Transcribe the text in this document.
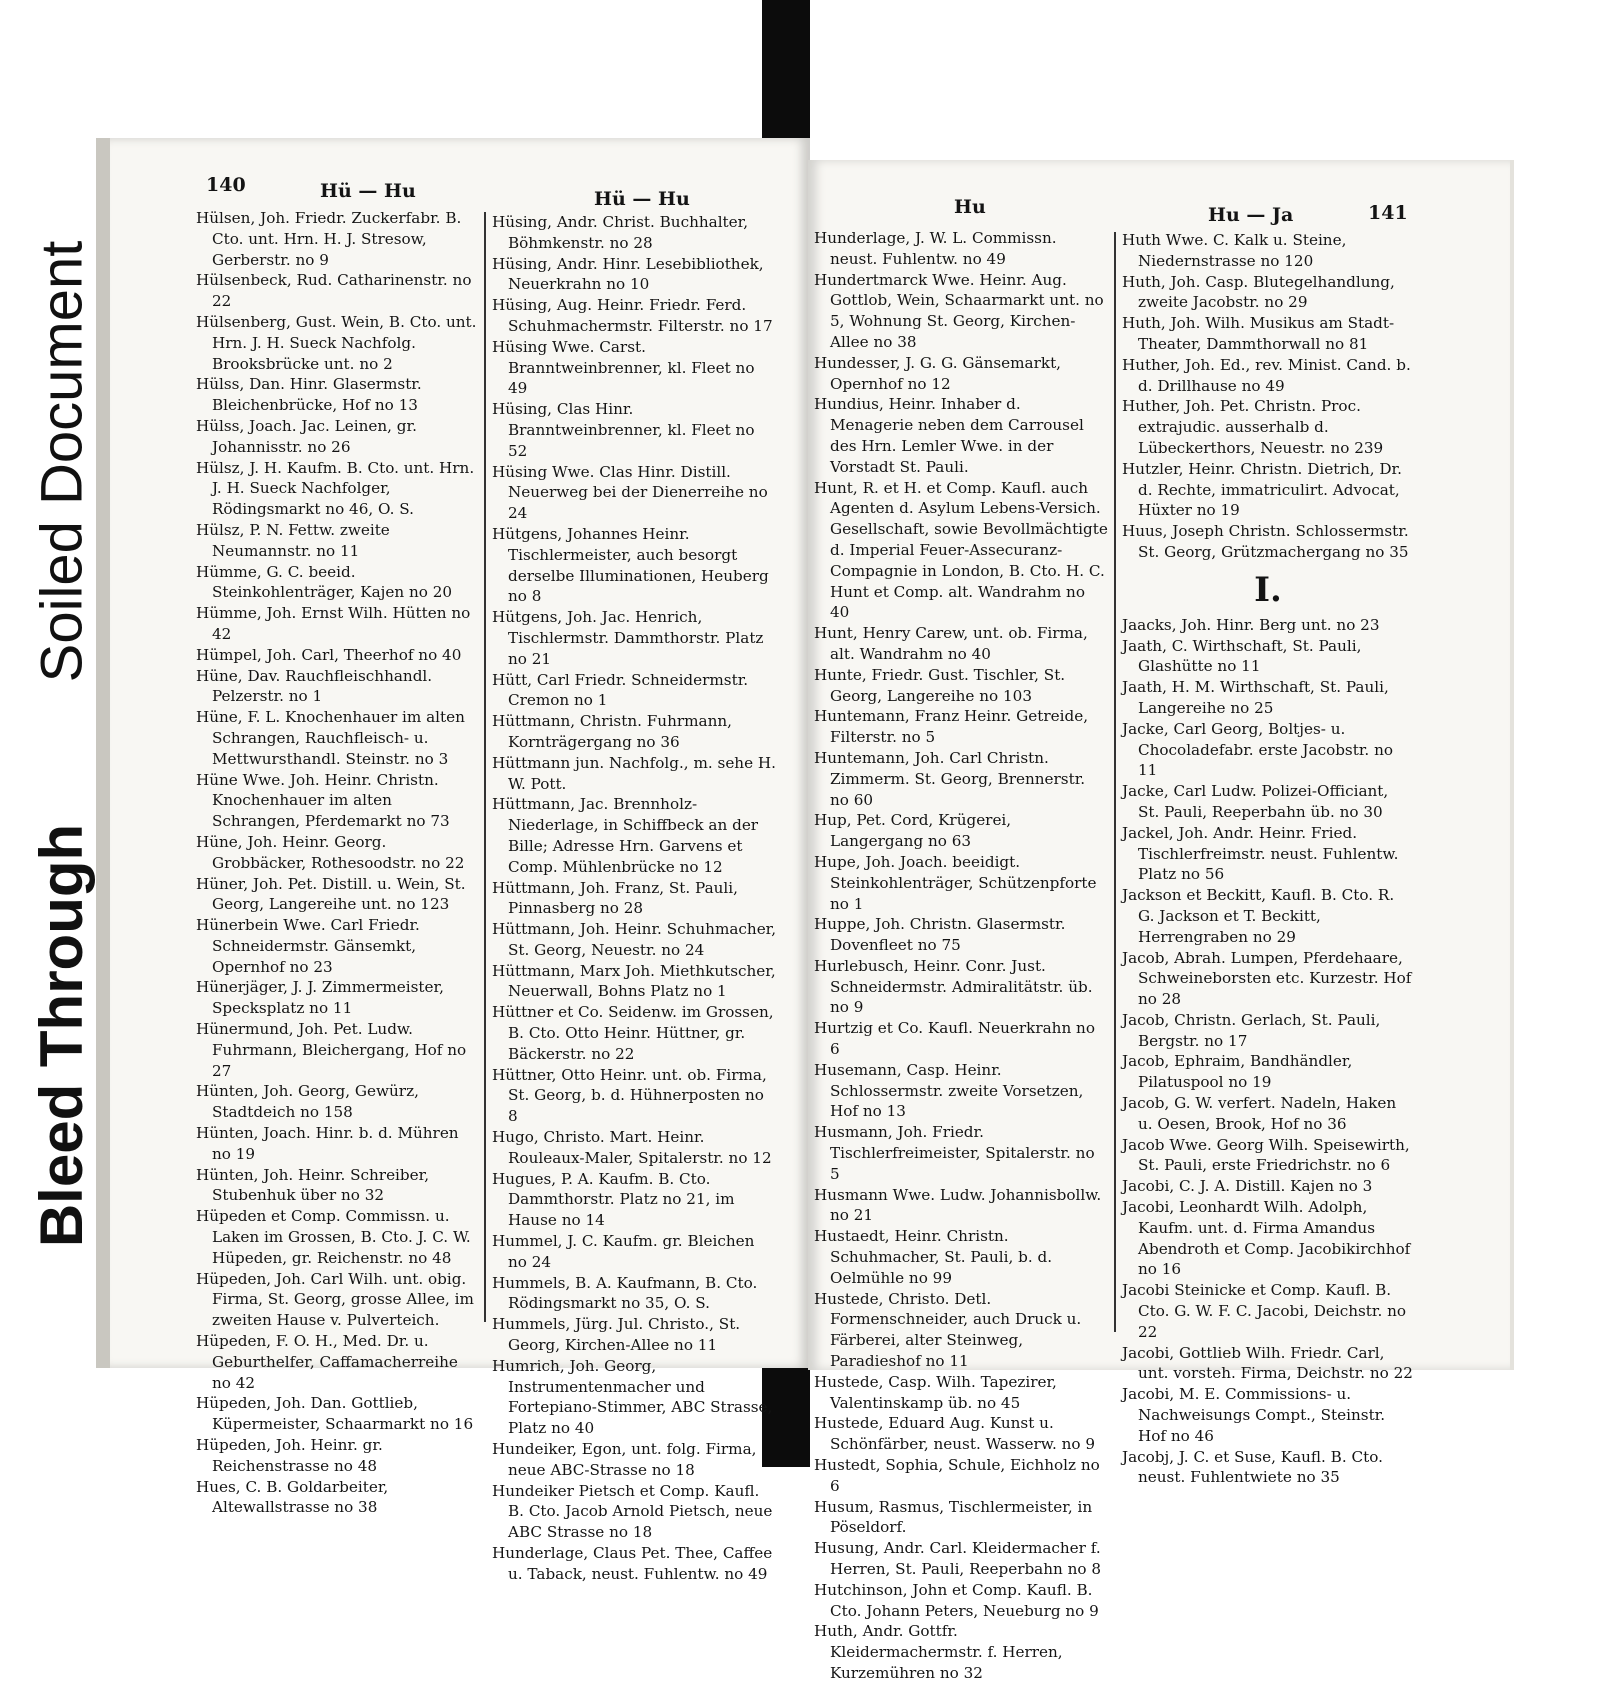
Soiled Document
Bleed Through
140	Hü — Hu	Hü — Hu

Hülsen, Joh. Friedr. Zuckerfabr. B. Cto. unt. Hrn. H. J. Stresow, Gerberstr. no 9

Hülsenbeck, Rud. Catharinenstr. no 22

Hülsenberg, Gust. Wein, B. Cto. unt. Hrn. J. H. Sueck Nachfolg. Brooksbrücke unt. no 2

Hülss, Dan. Hinr. Glasermstr. Bleichenbrücke, Hof no 13

Hülss, Joach. Jac. Leinen, gr. Johannisstr. no 26

Hülsz, J. H. Kaufm. B. Cto. unt. Hrn. J. H. Sueck Nachfolger, Rödingsmarkt no 46, O. S.

Hülsz, P. N. Fettw. zweite Neumannstr. no 11

Hümme, G. C. beeid. Steinkohlenträger, Kajen no 20

Hümme, Joh. Ernst Wilh. Hütten no 42

Hümpel, Joh. Carl, Theerhof no 40

Hüne, Dav. Rauchfleischhandl. Pelzerstr. no 1

Hüne, F. L. Knochenhauer im alten Schrangen, Rauchfleisch- u. Mettwursthandl. Steinstr. no 3

Hüne Wwe. Joh. Heinr. Christn. Knochenhauer im alten Schrangen, Pferdemarkt no 73

Hüne, Joh. Heinr. Georg. Grobbäcker, Rothesoodstr. no 22

Hüner, Joh. Pet. Distill. u. Wein, St. Georg, Langereihe unt. no 123

Hünerbein Wwe. Carl Friedr. Schneidermstr. Gänsemkt, Opernhof no 23

Hünerjäger, J. J. Zimmermeister, Specksplatz no 11

Hünermund, Joh. Pet. Ludw. Fuhrmann, Bleichergang, Hof no 27

Hünten, Joh. Georg, Gewürz, Stadtdeich no 158

Hünten, Joach. Hinr. b. d. Mühren no 19

Hünten, Joh. Heinr. Schreiber, Stubenhuk über no 32

Hüpeden et Comp. Commissn. u. Laken im Grossen, B. Cto. J. C. W. Hüpeden, gr. Reichenstr. no 48

Hüpeden, Joh. Carl Wilh. unt. obig. Firma, St. Georg, grosse Allee, im zweiten Hause v. Pulverteich.

Hüpeden, F. O. H., Med. Dr. u. Geburthelfer, Caffamacherreihe no 42

Hüpeden, Joh. Dan. Gottlieb, Küpermeister, Schaarmarkt no 16

Hüpeden, Joh. Heinr. gr. Reichenstrasse no 48

Hues, C. B. Goldarbeiter, Altewallstrasse no 38

Hüsing, Andr. Christ. Buchhalter, Böhmkenstr. no 28

Hüsing, Andr. Hinr. Lesebibliothek, Neuerkrahn no 10

Hüsing, Aug. Heinr. Friedr. Ferd. Schuhmachermstr. Filterstr. no 17

Hüsing Wwe. Carst. Branntweinbrenner, kl. Fleet no 49

Hüsing, Clas Hinr. Branntweinbrenner, kl. Fleet no 52

Hüsing Wwe. Clas Hinr. Distill. Neuerweg bei der Dienerreihe no 24

Hütgens, Johannes Heinr. Tischlermeister, auch besorgt derselbe Illuminationen, Heuberg no 8

Hütgens, Joh. Jac. Henrich, Tischlermstr. Dammthorstr. Platz no 21

Hütt, Carl Friedr. Schneidermstr. Cremon no 1

Hüttmann, Christn. Fuhrmann, Kornträgergang no 36

Hüttmann jun. Nachfolg., m. sehe H. W. Pott.

Hüttmann, Jac. Brennholz-Niederlage, in Schiffbeck an der Bille; Adresse Hrn. Garvens et Comp. Mühlenbrücke no 12

Hüttmann, Joh. Franz, St. Pauli, Pinnasberg no 28

Hüttmann, Joh. Heinr. Schuhmacher, St. Georg, Neuestr. no 24

Hüttmann, Marx Joh. Miethkutscher, Neuerwall, Bohns Platz no 1

Hüttner et Co. Seidenw. im Grossen, B. Cto. Otto Heinr. Hüttner, gr. Bäckerstr. no 22

Hüttner, Otto Heinr. unt. ob. Firma, St. Georg, b. d. Hühnerposten no 8

Hugo, Christo. Mart. Heinr. Rouleaux-Maler, Spitalerstr. no 12

Hugues, P. A. Kaufm. B. Cto. Dammthorstr. Platz no 21, im Hause no 14

Hummel, J. C. Kaufm. gr. Bleichen no 24

Hummels, B. A. Kaufmann, B. Cto. Rödingsmarkt no 35, O. S.

Hummels, Jürg. Jul. Christo., St. Georg, Kirchen-Allee no 11

Humrich, Joh. Georg, Instrumentenmacher und Fortepiano-Stimmer, ABC Strasse, Platz no 40

Hundeiker, Egon, unt. folg. Firma, neue ABC-Strasse no 18

Hundeiker Pietsch et Comp. Kaufl. B. Cto. Jacob Arnold Pietsch, neue ABC Strasse no 18

Hunderlage, Claus Pet. Thee, Caffee u. Taback, neust. Fuhlentw. no 49

Hu	Hu — Ja	141

Hunderlage, J. W. L. Commissn. neust. Fuhlentw. no 49

Hundertmarck Wwe. Heinr. Aug. Gottlob, Wein, Schaarmarkt unt. no 5, Wohnung St. Georg, Kirchen-Allee no 38

Hundesser, J. G. G. Gänsemarkt, Opernhof no 12

Hundius, Heinr. Inhaber d. Menagerie neben dem Carrousel des Hrn. Lemler Wwe. in der Vorstadt St. Pauli.

Hunt, R. et H. et Comp. Kaufl. auch Agenten d. Asylum Lebens-Versich. Gesellschaft, sowie Bevollmächtigte d. Imperial Feuer-Assecuranz-Compagnie in London, B. Cto. H. C. Hunt et Comp. alt. Wandrahm no 40

Hunt, Henry Carew, unt. ob. Firma, alt. Wandrahm no 40

Hunte, Friedr. Gust. Tischler, St. Georg, Langereihe no 103

Huntemann, Franz Heinr. Getreide, Filterstr. no 5

Huntemann, Joh. Carl Christn. Zimmerm. St. Georg, Brennerstr. no 60

Hup, Pet. Cord, Krügerei, Langergang no 63

Hupe, Joh. Joach. beeidigt. Steinkohlenträger, Schützenpforte no 1

Huppe, Joh. Christn. Glasermstr. Dovenfleet no 75

Hurlebusch, Heinr. Conr. Just. Schneidermstr. Admiralitätstr. üb. no 9

Hurtzig et Co. Kaufl. Neuerkrahn no 6

Husemann, Casp. Heinr. Schlossermstr. zweite Vorsetzen, Hof no 13

Husmann, Joh. Friedr. Tischlerfreimeister, Spitalerstr. no 5

Husmann Wwe. Ludw. Johannisbollw. no 21

Hustaedt, Heinr. Christn. Schuhmacher, St. Pauli, b. d. Oelmühle no 99

Hustede, Christo. Detl. Formenschneider, auch Druck u. Färberei, alter Steinweg, Paradieshof no 11

Hustede, Casp. Wilh. Tapezirer, Valentinskamp üb. no 45

Hustede, Eduard Aug. Kunst u. Schönfärber, neust. Wasserw. no 9

Hustedt, Sophia, Schule, Eichholz no 6

Husum, Rasmus, Tischlermeister, in Pöseldorf.

Husung, Andr. Carl. Kleidermacher f. Herren, St. Pauli, Reeperbahn no 8

Hutchinson, John et Comp. Kaufl. B. Cto. Johann Peters, Neueburg no 9

Huth, Andr. Gottfr. Kleidermachermstr. f. Herren, Kurzemühren no 32

Huth Wwe. C. Kalk u. Steine, Niedernstrasse no 120

Huth, Joh. Casp. Blutegelhandlung, zweite Jacobstr. no 29

Huth, Joh. Wilh. Musikus am Stadt-Theater, Dammthorwall no 81

Huther, Joh. Ed., rev. Minist. Cand. b. d. Drillhause no 49

Huther, Joh. Pet. Christn. Proc. extrajudic. ausserhalb d. Lübeckerthors, Neuestr. no 239

Hutzler, Heinr. Christn. Dietrich, Dr. d. Rechte, immatriculirt. Advocat, Hüxter no 19

Huus, Joseph Christn. Schlossermstr. St. Georg, Grützmachergang no 35

I.

Jaacks, Joh. Hinr. Berg unt. no 23

Jaath, C. Wirthschaft, St. Pauli, Glashütte no 11

Jaath, H. M. Wirthschaft, St. Pauli, Langereihe no 25

Jacke, Carl Georg, Boltjes- u. Chocoladefabr. erste Jacobstr. no 11

Jacke, Carl Ludw. Polizei-Officiant, St. Pauli, Reeperbahn üb. no 30

Jackel, Joh. Andr. Heinr. Fried. Tischlerfreimstr. neust. Fuhlentw. Platz no 56

Jackson et Beckitt, Kaufl. B. Cto. R. G. Jackson et T. Beckitt, Herrengraben no 29

Jacob, Abrah. Lumpen, Pferdehaare, Schweineborsten etc. Kurzestr. Hof no 28

Jacob, Christn. Gerlach, St. Pauli, Bergstr. no 17

Jacob, Ephraim, Bandhändler, Pilatuspool no 19

Jacob, G. W. verfert. Nadeln, Haken u. Oesen, Brook, Hof no 36

Jacob Wwe. Georg Wilh. Speisewirth, St. Pauli, erste Friedrichstr. no 6

Jacobi, C. J. A. Distill. Kajen no 3

Jacobi, Leonhardt Wilh. Adolph, Kaufm. unt. d. Firma Amandus Abendroth et Comp. Jacobikirchhof no 16

Jacobi Steinicke et Comp. Kaufl. B. Cto. G. W. F. C. Jacobi, Deichstr. no 22

Jacobi, Gottlieb Wilh. Friedr. Carl, unt. vorsteh. Firma, Deichstr. no 22

Jacobi, M. E. Commissions- u. Nachweisungs Compt., Steinstr. Hof no 46

Jacobj, J. C. et Suse, Kaufl. B. Cto. neust. Fuhlentwiete no 35
